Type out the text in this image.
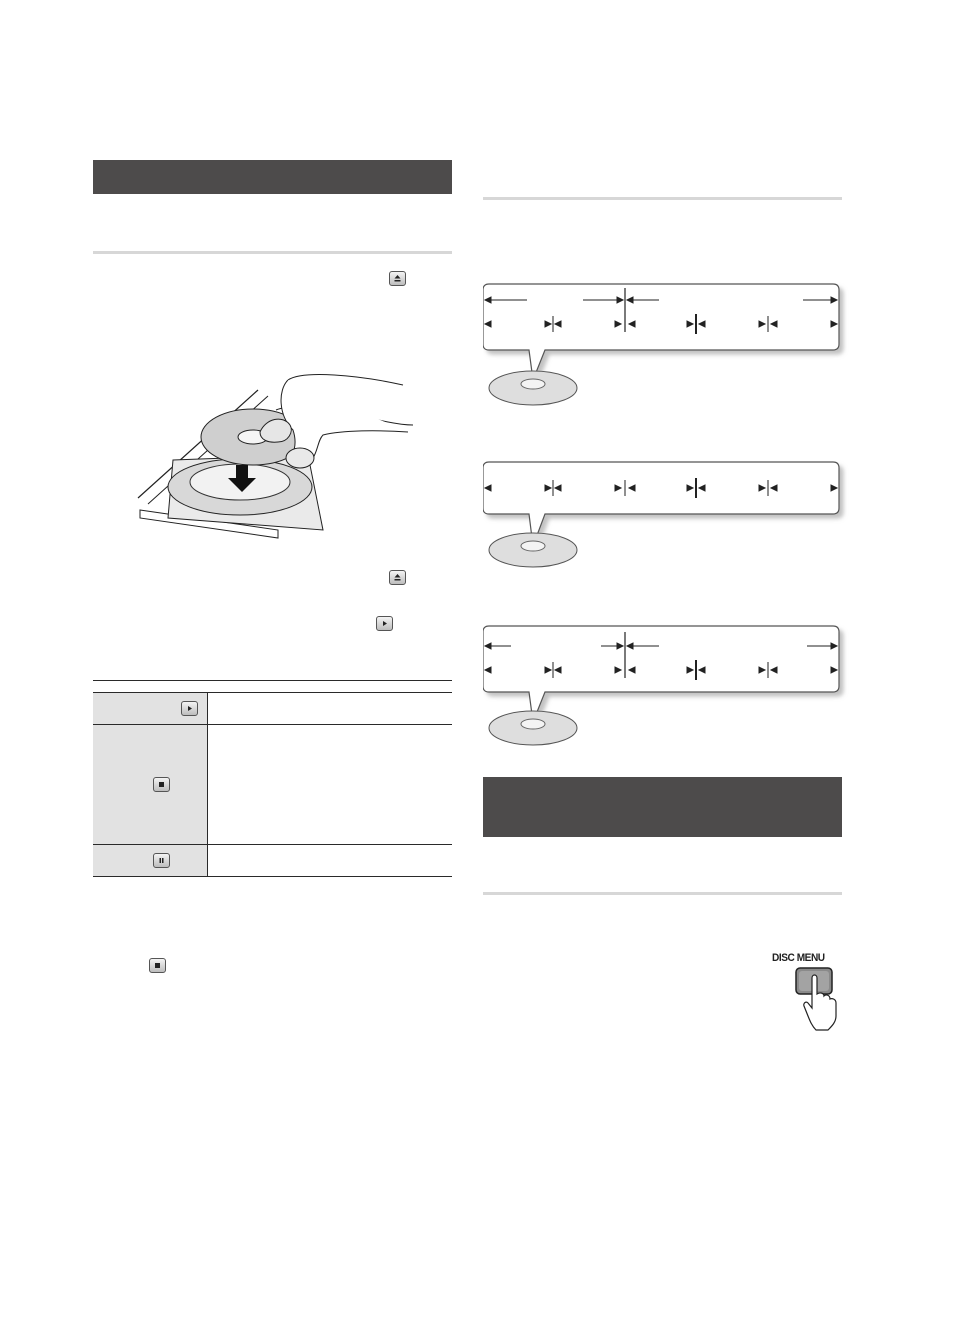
DISC MENU
